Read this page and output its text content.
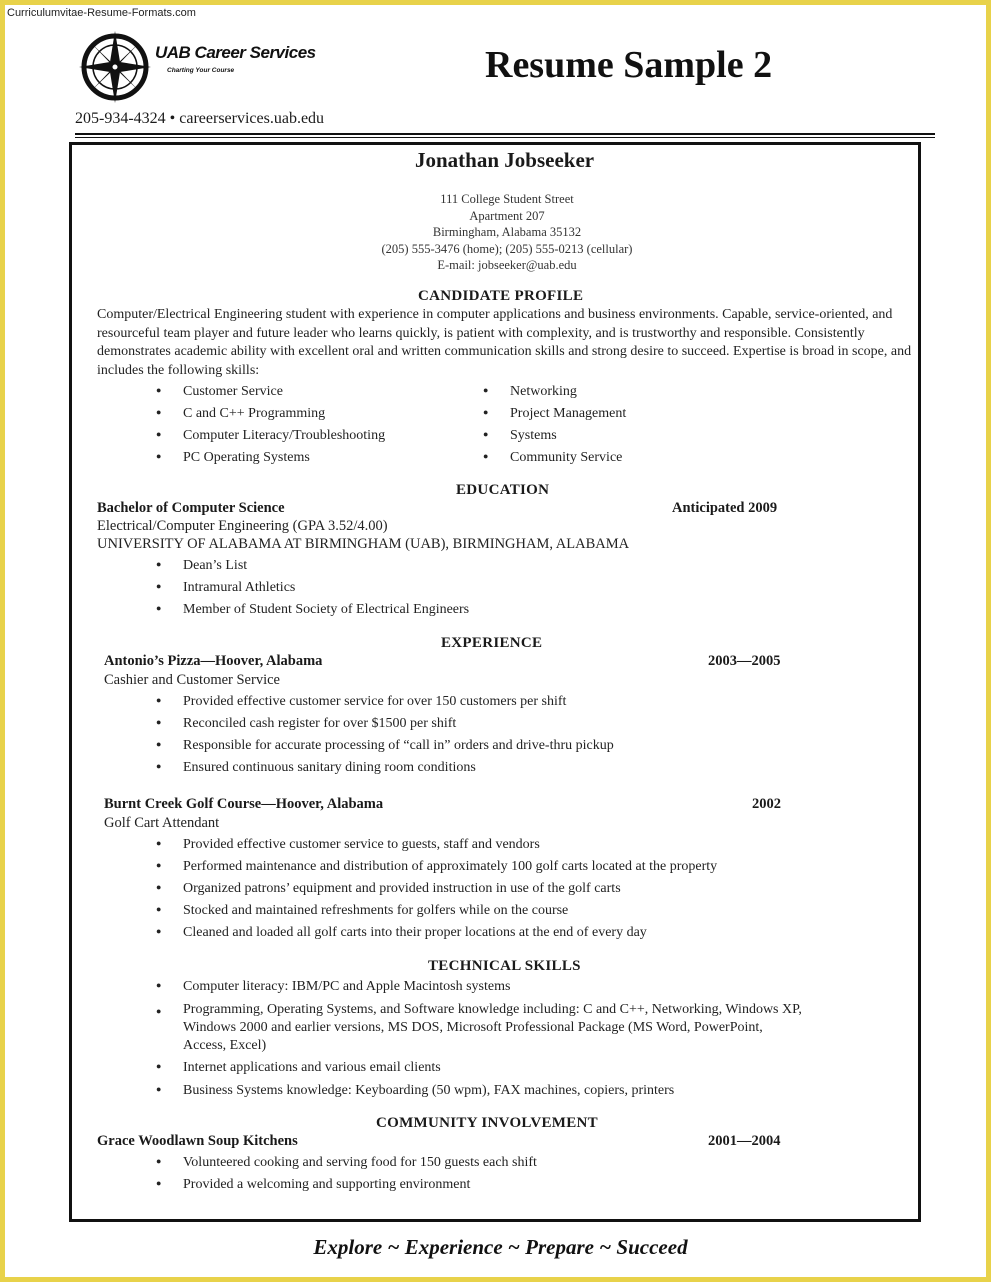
Curriculumvitae-Resume-Formats.com
UAB Career Services
Charting Your Course	Resume Sample 2
205-934-4324 • careerservices.uab.edu
Jonathan Jobseeker
111 College Student Street
Apartment 207
Birmingham, Alabama 35132
(205) 555-3476 (home); (205) 555-0213 (cellular)
E-mail: jobseeker@uab.edu
CANDIDATE PROFILE
Computer/Electrical Engineering student with experience in computer applications and business environments. Capable, service-oriented, and resourceful team player and future leader who learns quickly, is patient with complexity, and is trustworthy and responsible. Consistently demonstrates academic ability with excellent oral and written communication skills and strong desire to succeed. Expertise is broad in scope, and includes the following skills:
● Customer Service
● C and C++ Programming
● Computer Literacy/Troubleshooting
● PC Operating Systems
● Networking
● Project Management
● Systems
● Community Service
EDUCATION
Bachelor of Computer Science	Anticipated 2009
Electrical/Computer Engineering (GPA 3.52/4.00)
UNIVERSITY OF ALABAMA AT BIRMINGHAM (UAB), BIRMINGHAM, ALABAMA
● Dean’s List
● Intramural Athletics
● Member of Student Society of Electrical Engineers
EXPERIENCE
Antonio’s Pizza—Hoover, Alabama	2003—2005
Cashier and Customer Service
● Provided effective customer service for over 150 customers per shift
● Reconciled cash register for over $1500 per shift
● Responsible for accurate processing of “call in” orders and drive-thru pickup
● Ensured continuous sanitary dining room conditions
Burnt Creek Golf Course—Hoover, Alabama	2002
Golf Cart Attendant
● Provided effective customer service to guests, staff and vendors
● Performed maintenance and distribution of approximately 100 golf carts located at the property
● Organized patrons’ equipment and provided instruction in use of the golf carts
● Stocked and maintained refreshments for golfers while on the course
● Cleaned and loaded all golf carts into their proper locations at the end of every day
TECHNICAL SKILLS
● Computer literacy: IBM/PC and Apple Macintosh systems
● Programming, Operating Systems, and Software knowledge including: C and C++, Networking, Windows XP, Windows 2000 and earlier versions, MS DOS, Microsoft Professional Package (MS Word, PowerPoint, Access, Excel)
● Internet applications and various email clients
● Business Systems knowledge: Keyboarding (50 wpm), FAX machines, copiers, printers
COMMUNITY INVOLVEMENT
Grace Woodlawn Soup Kitchens	2001—2004
● Volunteered cooking and serving food for 150 guests each shift
● Provided a welcoming and supporting environment
Explore ~ Experience ~ Prepare ~ Succeed
